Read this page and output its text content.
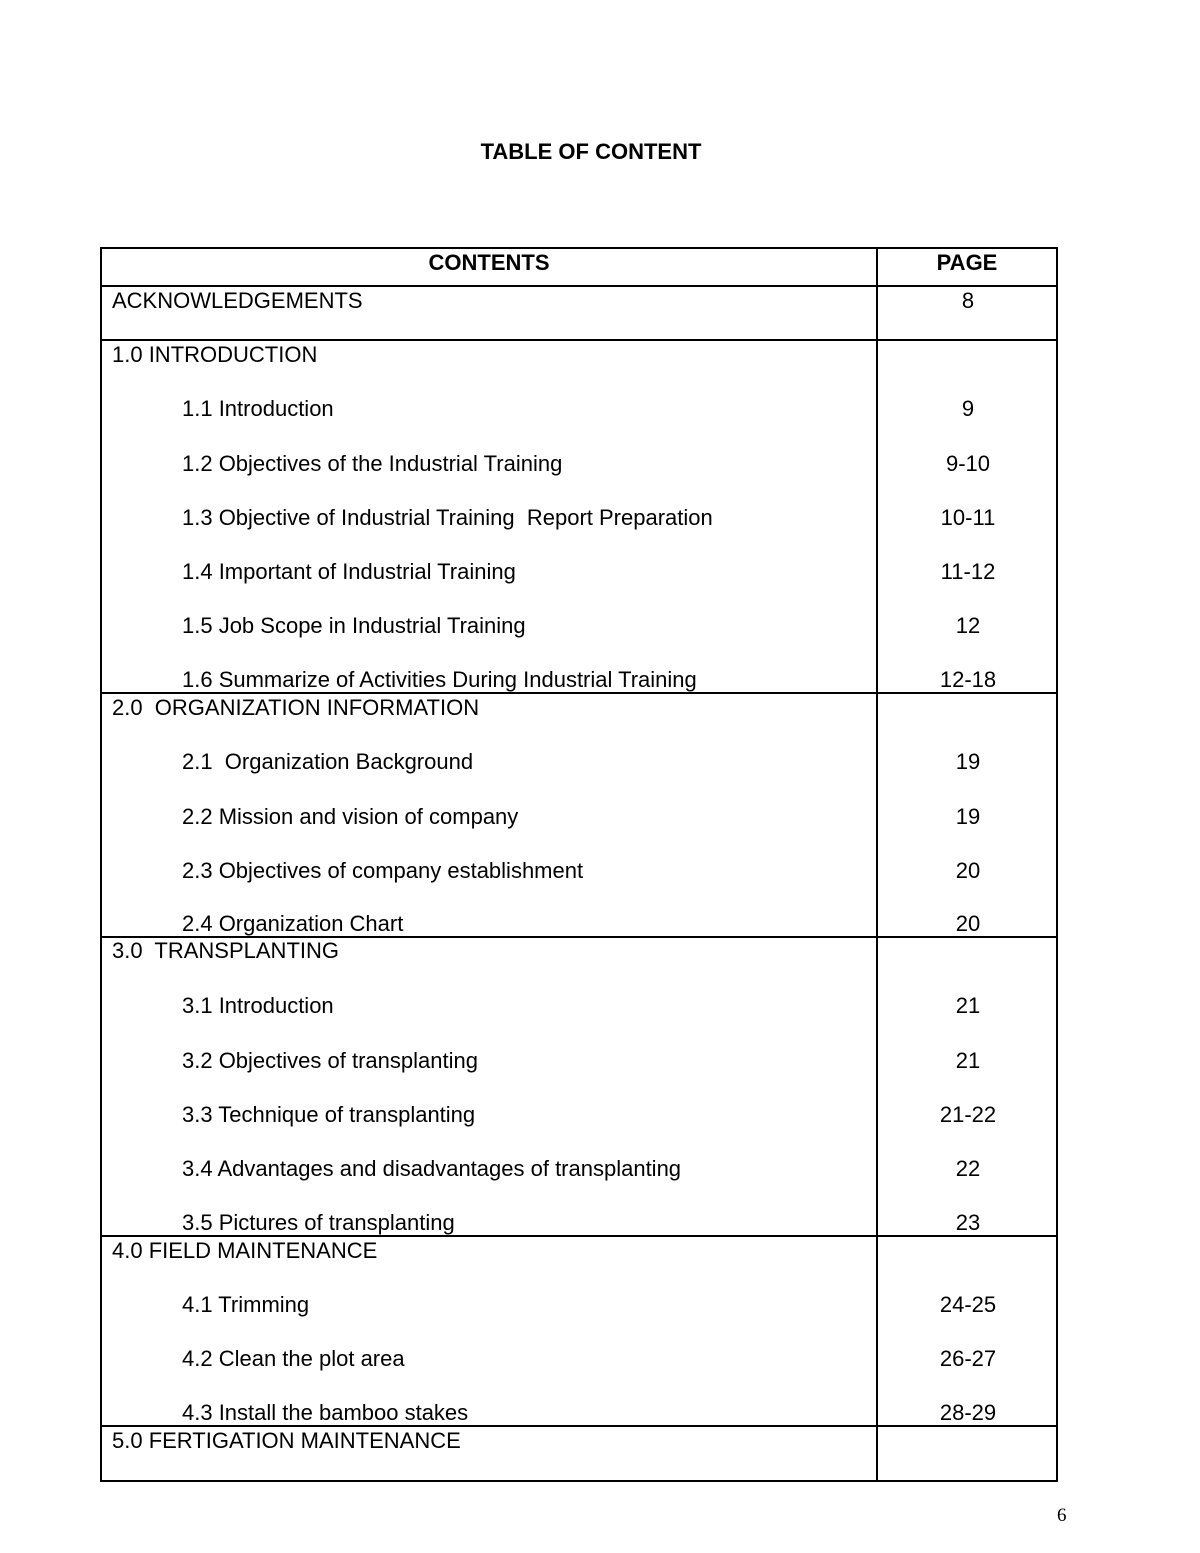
TABLE OF CONTENT
CONTENTS	PAGE
ACKNOWLEDGEMENTS	8
1.0 INTRODUCTION
1.1 Introduction	9
1.2 Objectives of the Industrial Training	9-10
1.3 Objective of Industrial Training  Report Preparation	10-11
1.4 Important of Industrial Training	11-12
1.5 Job Scope in Industrial Training	12
1.6 Summarize of Activities During Industrial Training	12-18
2.0  ORGANIZATION INFORMATION
2.1  Organization Background	19
2.2 Mission and vision of company	19
2.3 Objectives of company establishment	20
2.4 Organization Chart	20
3.0  TRANSPLANTING
3.1 Introduction	21
3.2 Objectives of transplanting	21
3.3 Technique of transplanting	21-22
3.4 Advantages and disadvantages of transplanting	22
3.5 Pictures of transplanting	23
4.0 FIELD MAINTENANCE
4.1 Trimming	24-25
4.2 Clean the plot area	26-27
4.3 Install the bamboo stakes	28-29
5.0 FERTIGATION MAINTENANCE
6
